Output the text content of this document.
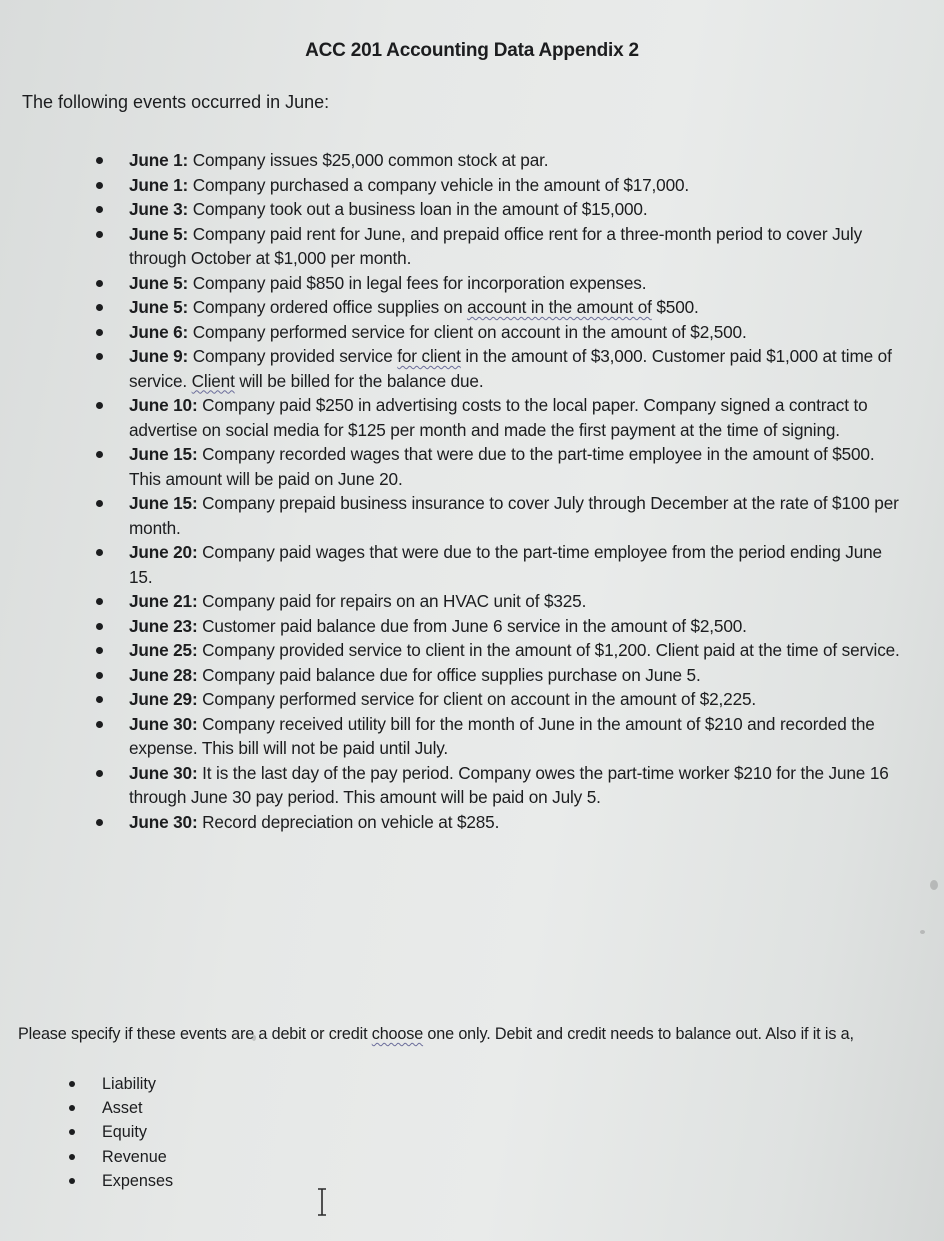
ACC 201 Accounting Data Appendix 2
The following events occurred in June:
June 1: Company issues $25,000 common stock at par.
June 1: Company purchased a company vehicle in the amount of $17,000.
June 3: Company took out a business loan in the amount of $15,000.
June 5: Company paid rent for June, and prepaid office rent for a three-month period to cover July through October at $1,000 per month.
June 5: Company paid $850 in legal fees for incorporation expenses.
June 5: Company ordered office supplies on account in the amount of $500.
June 6: Company performed service for client on account in the amount of $2,500.
June 9: Company provided service for client in the amount of $3,000. Customer paid $1,000 at time of service. Client will be billed for the balance due.
June 10: Company paid $250 in advertising costs to the local paper. Company signed a contract to advertise on social media for $125 per month and made the first payment at the time of signing.
June 15: Company recorded wages that were due to the part-time employee in the amount of $500. This amount will be paid on June 20.
June 15: Company prepaid business insurance to cover July through December at the rate of $100 per month.
June 20: Company paid wages that were due to the part-time employee from the period ending June 15.
June 21: Company paid for repairs on an HVAC unit of $325.
June 23: Customer paid balance due from June 6 service in the amount of $2,500.
June 25: Company provided service to client in the amount of $1,200. Client paid at the time of service.
June 28: Company paid balance due for office supplies purchase on June 5.
June 29: Company performed service for client on account in the amount of $2,225.
June 30: Company received utility bill for the month of June in the amount of $210 and recorded the expense. This bill will not be paid until July.
June 30: It is the last day of the pay period. Company owes the part-time worker $210 for the June 16 through June 30 pay period. This amount will be paid on July 5.
June 30: Record depreciation on vehicle at $285.
Please specify if these events are a debit or credit choose one only. Debit and credit needs to balance out. Also if it is a,
Liability
Asset
Equity
Revenue
Expenses
